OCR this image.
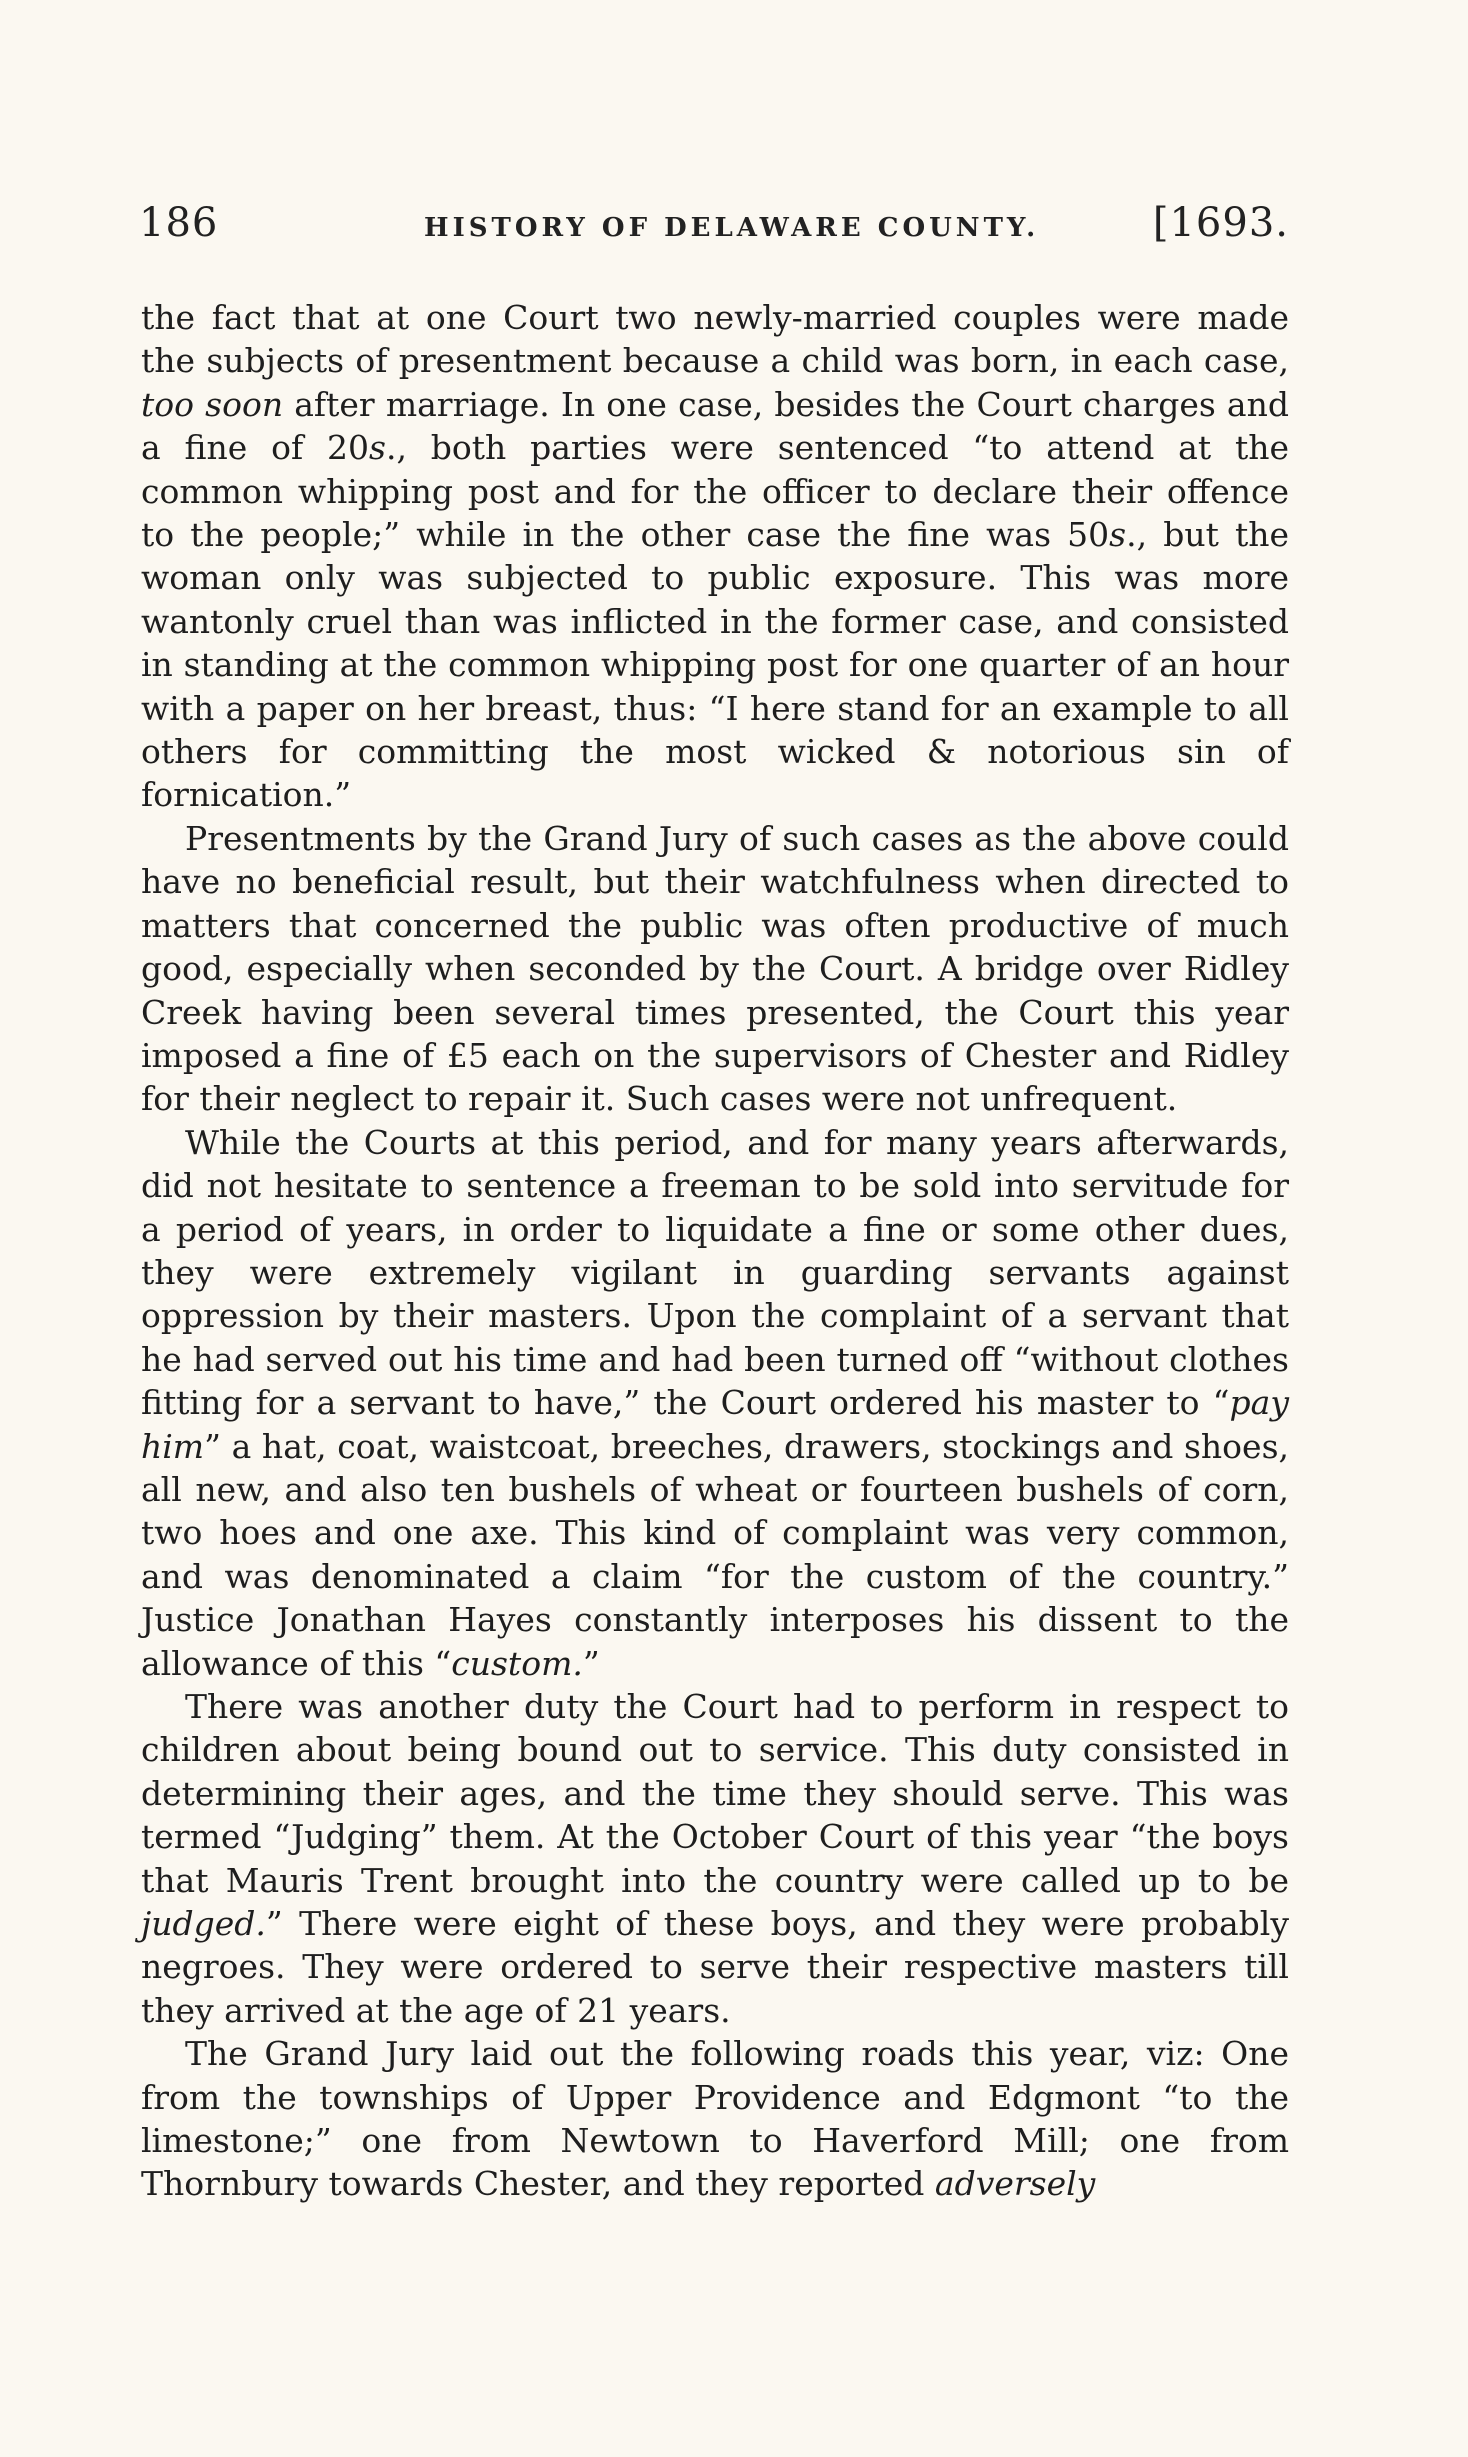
186	HISTORY OF DELAWARE COUNTY.	[1693.

the fact that at one Court two newly-married couples were made the subjects of presentment because a child was born, in each case, too soon after marriage. In one case, besides the Court charges and a fine of 20s., both parties were sentenced “to attend at the common whipping post and for the officer to declare their offence to the people;” while in the other case the fine was 50s., but the woman only was subjected to public exposure. This was more wantonly cruel than was inflicted in the former case, and consisted in standing at the common whipping post for one quarter of an hour with a paper on her breast, thus: “I here stand for an example to all others for committing the most wicked & notorious sin of fornication.”

Presentments by the Grand Jury of such cases as the above could have no beneficial result, but their watchfulness when directed to matters that concerned the public was often productive of much good, especially when seconded by the Court. A bridge over Ridley Creek having been several times presented, the Court this year imposed a fine of £5 each on the supervisors of Chester and Ridley for their neglect to repair it. Such cases were not unfrequent.

While the Courts at this period, and for many years afterwards, did not hesitate to sentence a freeman to be sold into servitude for a period of years, in order to liquidate a fine or some other dues, they were extremely vigilant in guarding servants against oppression by their masters. Upon the complaint of a servant that he had served out his time and had been turned off “without clothes fitting for a servant to have,” the Court ordered his master to “pay him” a hat, coat, waistcoat, breeches, drawers, stockings and shoes, all new, and also ten bushels of wheat or fourteen bushels of corn, two hoes and one axe. This kind of complaint was very common, and was denominated a claim “for the custom of the country.” Justice Jonathan Hayes constantly interposes his dissent to the allowance of this “custom.”

There was another duty the Court had to perform in respect to children about being bound out to service. This duty consisted in determining their ages, and the time they should serve. This was termed “Judging” them. At the October Court of this year “the boys that Mauris Trent brought into the country were called up to be judged.” There were eight of these boys, and they were probably negroes. They were ordered to serve their respective masters till they arrived at the age of 21 years.

The Grand Jury laid out the following roads this year, viz: One from the townships of Upper Providence and Edgmont “to the limestone;” one from Newtown to Haverford Mill; one from Thornbury towards Chester, and they reported adversely
